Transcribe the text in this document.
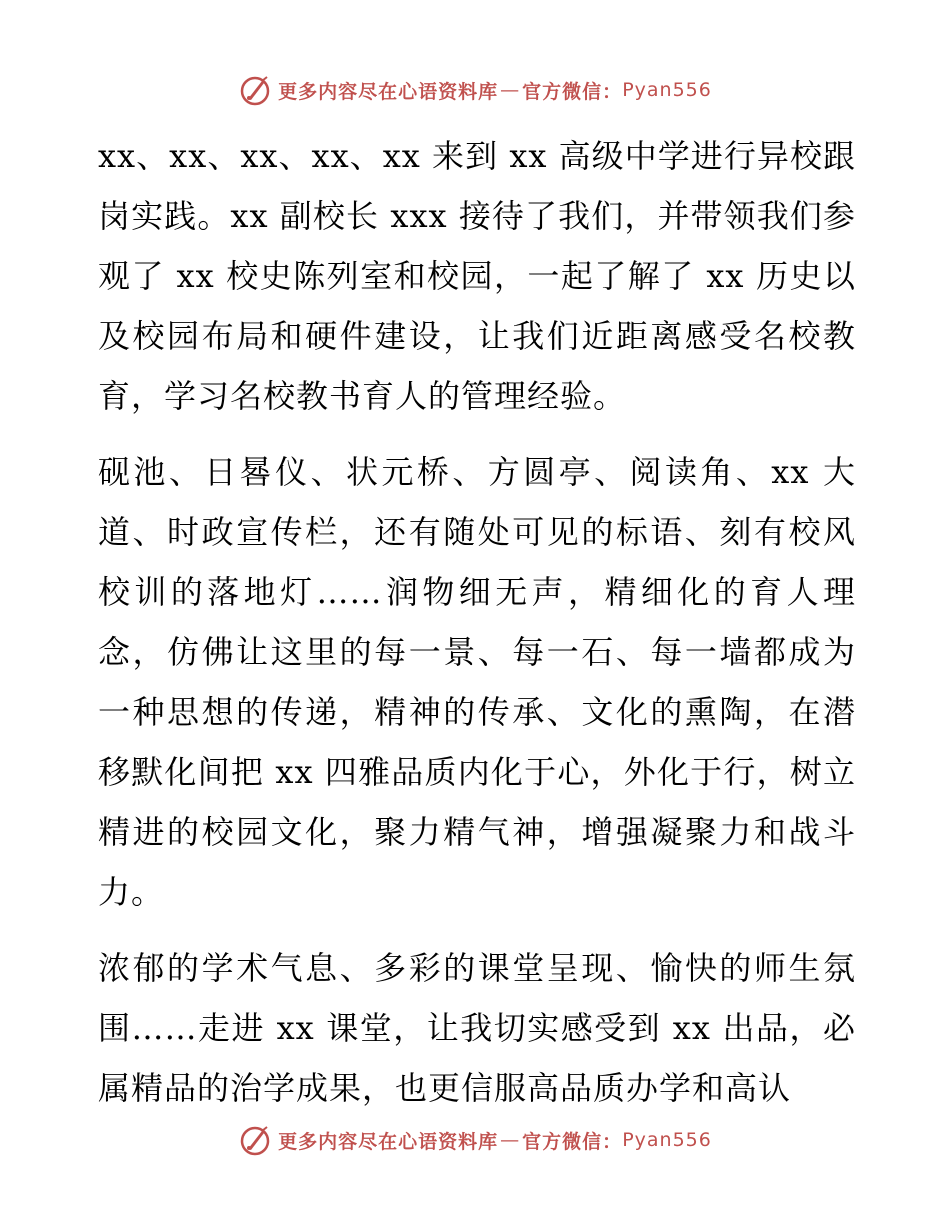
更多内容尽在心语资料库 — 官方微信： Pyan556

xx、xx、xx、xx、xx 来到 xx 高级中学进行异校跟岗实践。xx 副校长 xxx 接待了我们，并带领我们参观了 xx 校史陈列室和校园，一起了解了 xx 历史以及校园布局和硬件建设，让我们近距离感受名校教育，学习名校教书育人的管理经验。

砚池、日晷仪、状元桥、方圆亭、阅读角、xx 大道、时政宣传栏，还有随处可见的标语、刻有校风校训的落地灯……润物细无声，精细化的育人理念，仿佛让这里的每一景、每一石、每一墙都成为一种思想的传递，精神的传承、文化的熏陶，在潜移默化间把 xx 四雅品质内化于心，外化于行，树立精进的校园文化，聚力精气神，增强凝聚力和战斗力。

浓郁的学术气息、多彩的课堂呈现、愉快的师生氛围……走进 xx 课堂，让我切实感受到 xx 出品，必属精品的治学成果，也更信服高品质办学和高认

更多内容尽在心语资料库 — 官方微信： Pyan556
